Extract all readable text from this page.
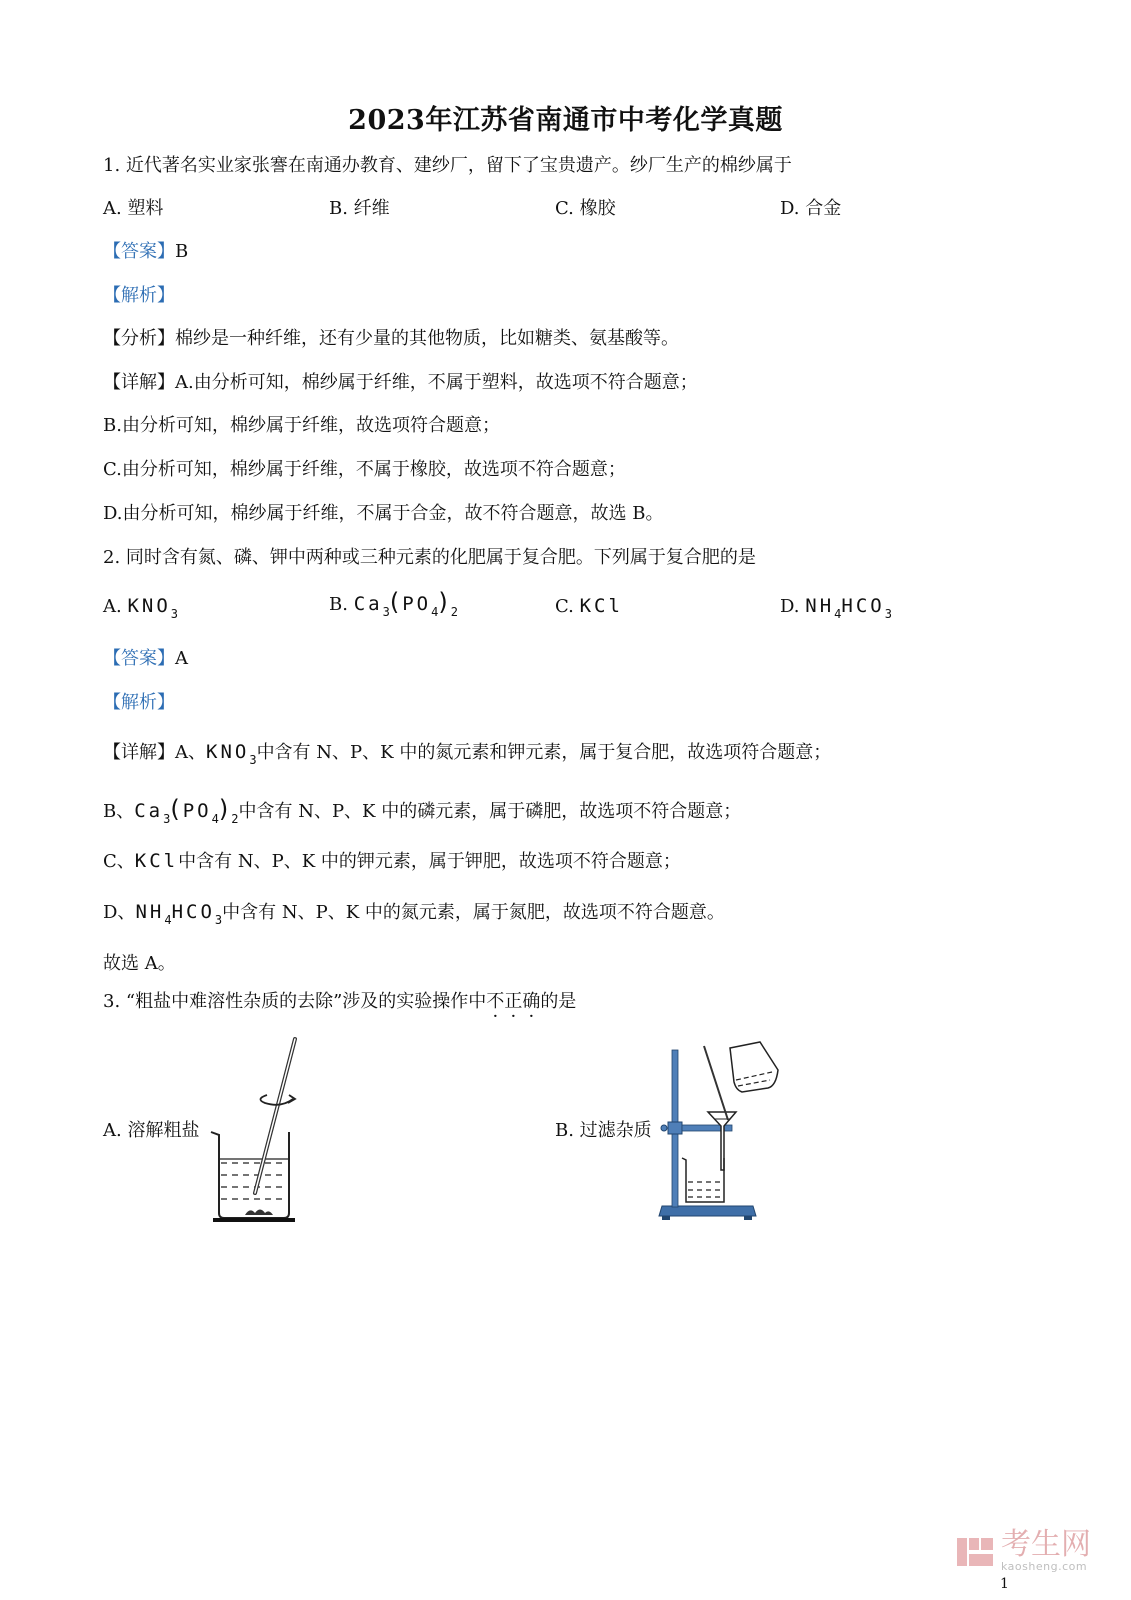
2023年江苏省南通市中考化学真题
1. 近代著名实业家张謇在南通办教育、建纱厂，留下了宝贵遗产。纱厂生产的棉纱属于
A. 塑料	B. 纤维	C. 橡胶	D. 合金
【答案】B
【解析】
【分析】棉纱是一种纤维，还有少量的其他物质，比如糖类、氨基酸等。
【详解】A.由分析可知，棉纱属于纤维，不属于塑料，故选项不符合题意；
B.由分析可知，棉纱属于纤维，故选项符合题意；
C.由分析可知，棉纱属于纤维，不属于橡胶，故选项不符合题意；
D.由分析可知，棉纱属于纤维，不属于合金，故不符合题意，故选 B。
2. 同时含有氮、磷、钾中两种或三种元素的化肥属于复合肥。下列属于复合肥的是
A. $KNO_3$	B. $Ca_3(PO_4)_2$	C. KCl	D. $NH_4HCO_3$
【答案】A
【解析】
【详解】A、$KNO_3$中含有 N、P、K 中的氮元素和钾元素，属于复合肥，故选项符合题意；
B、$Ca_3(PO_4)_2$中含有 N、P、K 中的磷元素，属于磷肥，故选项不符合题意；
C、KCl中含有 N、P、K 中的钾元素，属于钾肥，故选项不符合题意；
D、$NH_4HCO_3$中含有 N、P、K 中的氮元素，属于氮肥，故选项不符合题意。
故选 A。
3. “粗盐中难溶性杂质的去除”涉及的实验操作中不正确的是
A. 溶解粗盐	B. 过滤杂质
考生网
kaosheng.com
1
